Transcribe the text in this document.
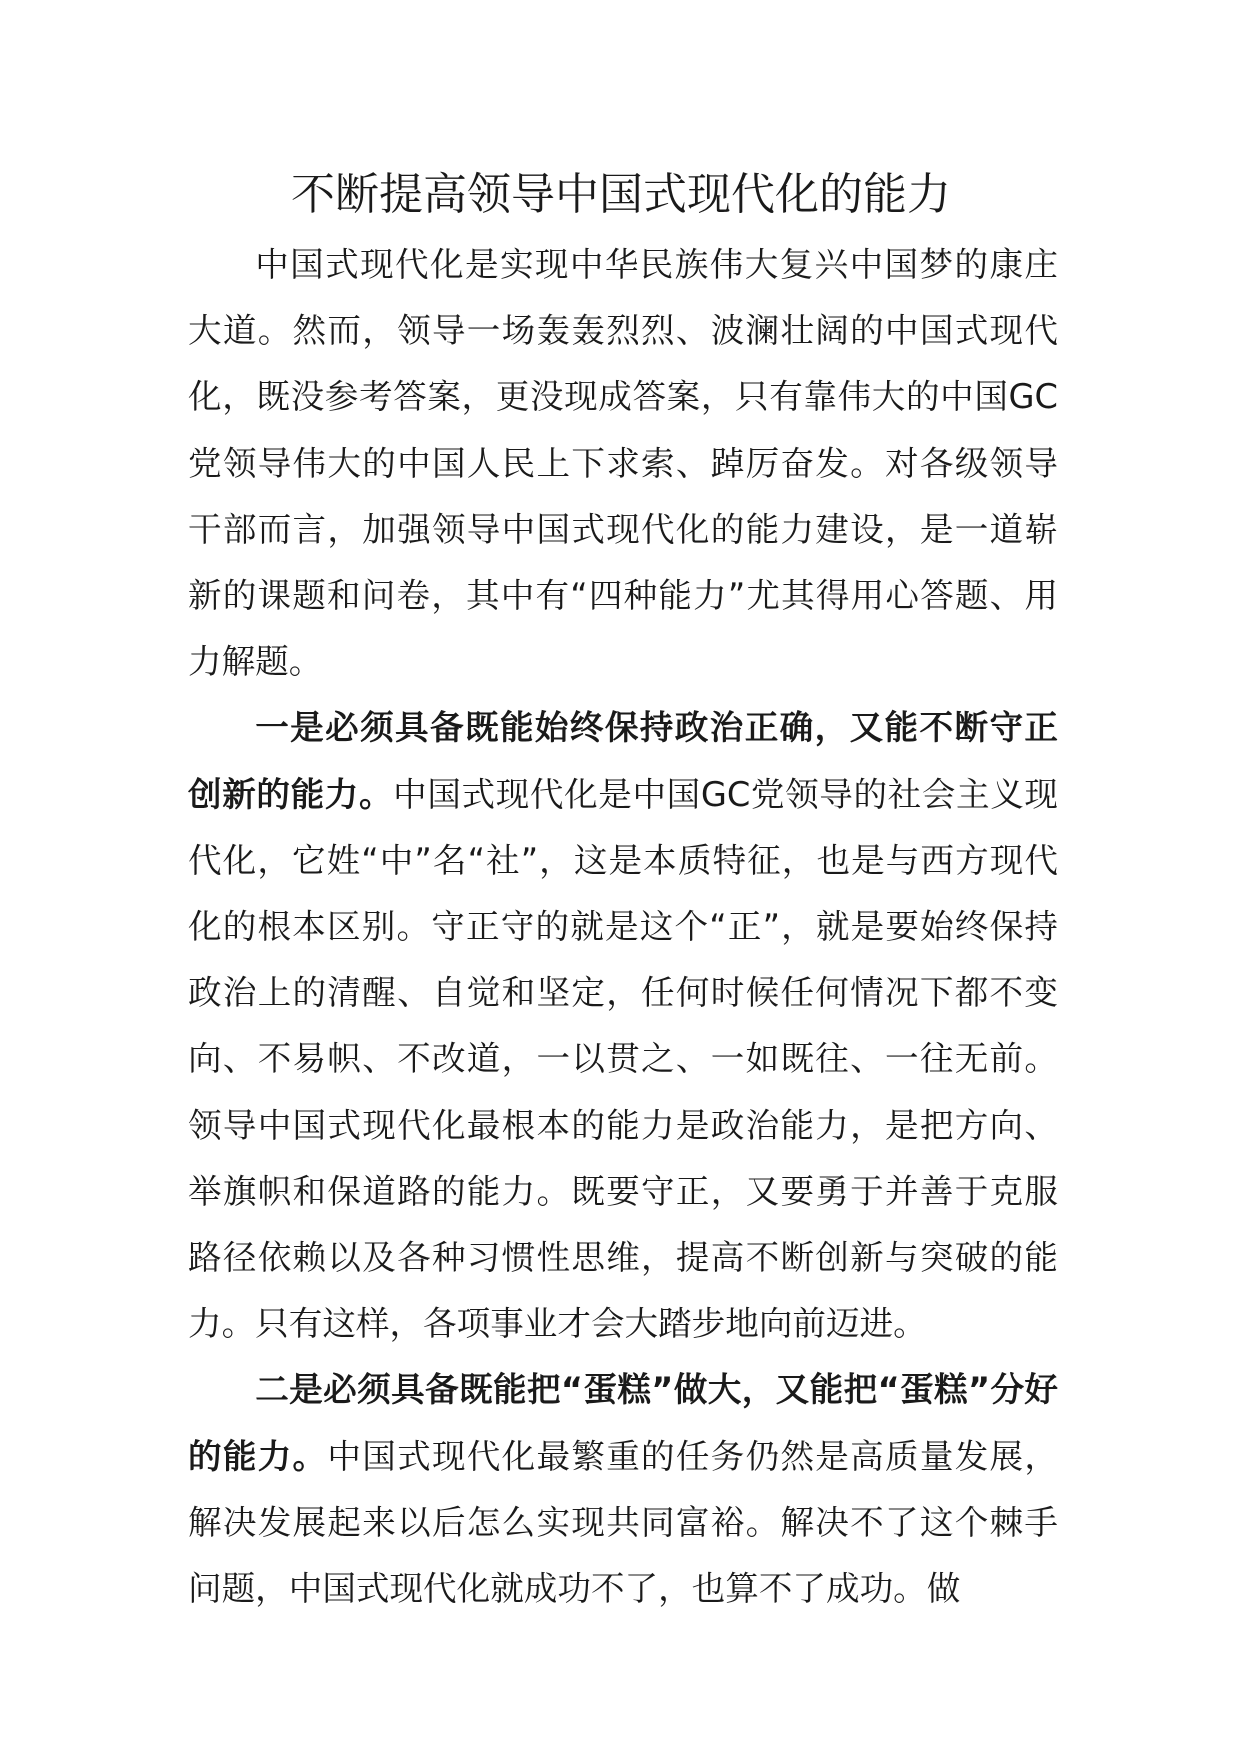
不断提高领导中国式现代化的能力

中国式现代化是实现中华民族伟大复兴中国梦的康庄大道。然而，领导一场轰轰烈烈、波澜壮阔的中国式现代化，既没参考答案，更没现成答案，只有靠伟大的中国GC党领导伟大的中国人民上下求索、踔厉奋发。对各级领导干部而言，加强领导中国式现代化的能力建设，是一道崭新的课题和问卷，其中有“四种能力”尤其得用心答题、用力解题。

一是必须具备既能始终保持政治正确，又能不断守正创新的能力。中国式现代化是中国GC党领导的社会主义现代化，它姓“中”名“社”，这是本质特征，也是与西方现代化的根本区别。守正守的就是这个“正”，就是要始终保持政治上的清醒、自觉和坚定，任何时候任何情况下都不变向、不易帜、不改道，一以贯之、一如既往、一往无前。领导中国式现代化最根本的能力是政治能力，是把方向、举旗帜和保道路的能力。既要守正，又要勇于并善于克服路径依赖以及各种习惯性思维，提高不断创新与突破的能力。只有这样，各项事业才会大踏步地向前迈进。

二是必须具备既能把“蛋糕”做大，又能把“蛋糕”分好的能力。中国式现代化最繁重的任务仍然是高质量发展，解决发展起来以后怎么实现共同富裕。解决不了这个棘手问题，中国式现代化就成功不了，也算不了成功。做
